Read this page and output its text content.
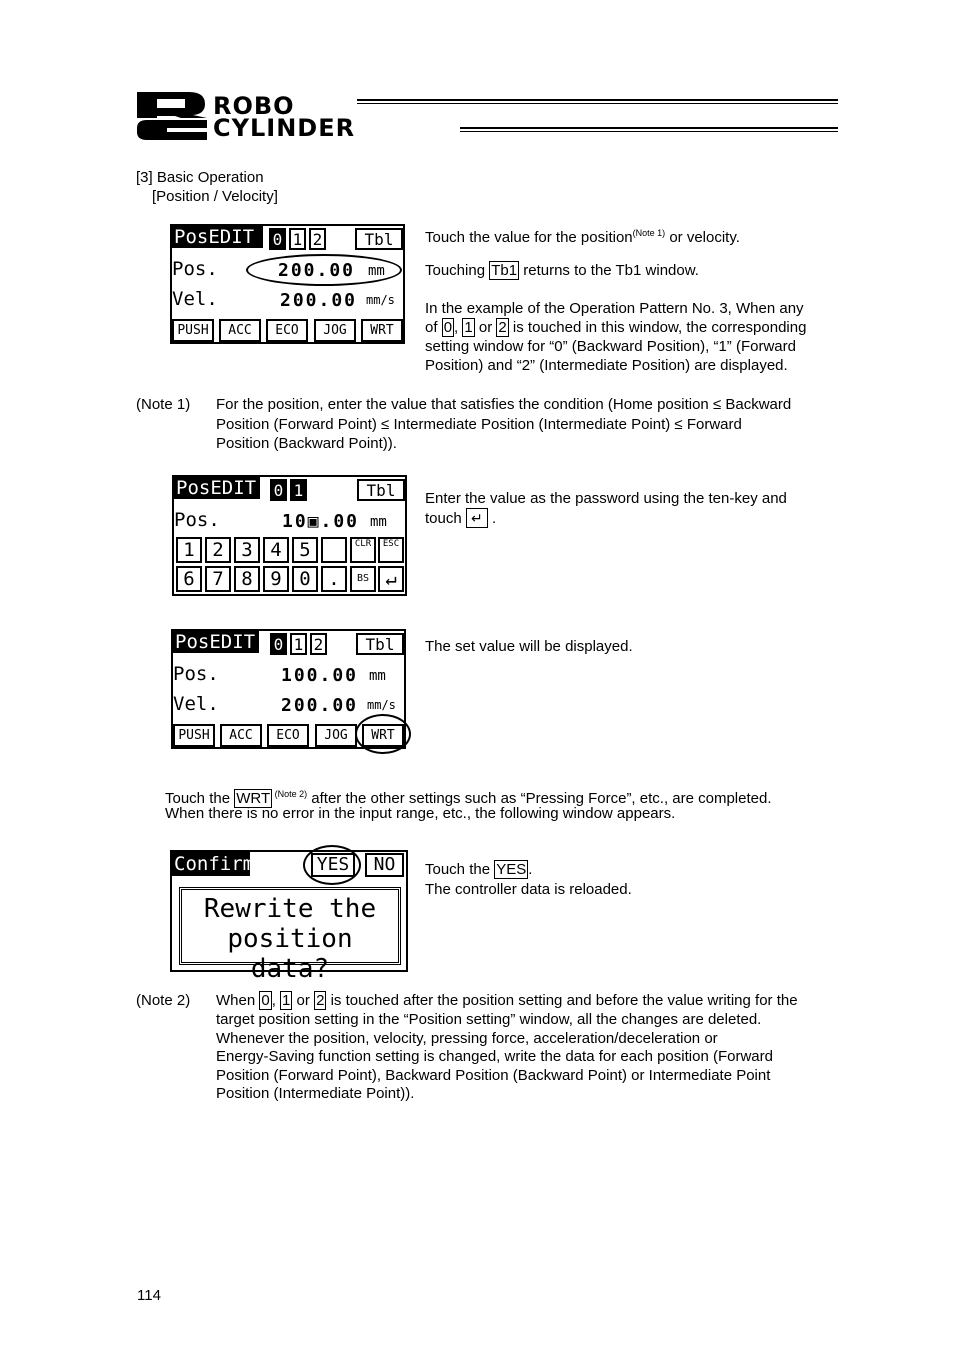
ROBO
CYLINDER
[3] Basic Operation
[Position / Velocity]
PosEDIT	0 1 2	Tbl
Pos.	200.00 mm
Vel.	200.00 mm/s
PUSH	ACC	ECO	JOG	WRT
Touch the value for the position$^{(Note 1)}$ or velocity.
Touching Tb1 returns to the Tb1 window.
In the example of the Operation Pattern No. 3, When any
of 0 , 1 or 2 is touched in this window, the corresponding
setting window for “0” (Backward Position), “1” (Forward
Position) and “2” (Intermediate Position) are displayed.
(Note 1) For the position, enter the value that satisfies the condition (Home position ≤ Backward
Position (Forward Point) ≤ Intermediate Position (Intermediate Point) ≤ Forward
Position (Backward Point)).
PosEDIT 0 1	Tbl
Pos.	10▣.00 mm
1 2 3 4 5	CLR	ESC
6 7 8 9 0 .	BS ↵
Enter the value as the password using the ten-key and
touch ↵ .
PosEDIT 0 1 2	Tbl
Pos.	100.00 mm
Vel.	200.00 mm/s
PUSH	ACC	ECO	JOG	WRT
The set value will be displayed.
Touch the WRT $^{(Note 2)}$ after the other settings such as “Pressing Force”, etc., are completed.
When there is no error in the input range, etc., the following window appears.
Confirm	YES	NO
Rewrite the
position data?
Touch the YES .
The controller data is reloaded.
(Note 2) When 0 , 1 or 2 is touched after the position setting and before the value writing for the
target position setting in the “Position setting” window, all the changes are deleted.
Whenever the position, velocity, pressing force, acceleration/deceleration or
Energy-Saving function setting is changed, write the data for each position (Forward
Position (Forward Point), Backward Position (Backward Point) or Intermediate Point
Position (Intermediate Point)).
114
